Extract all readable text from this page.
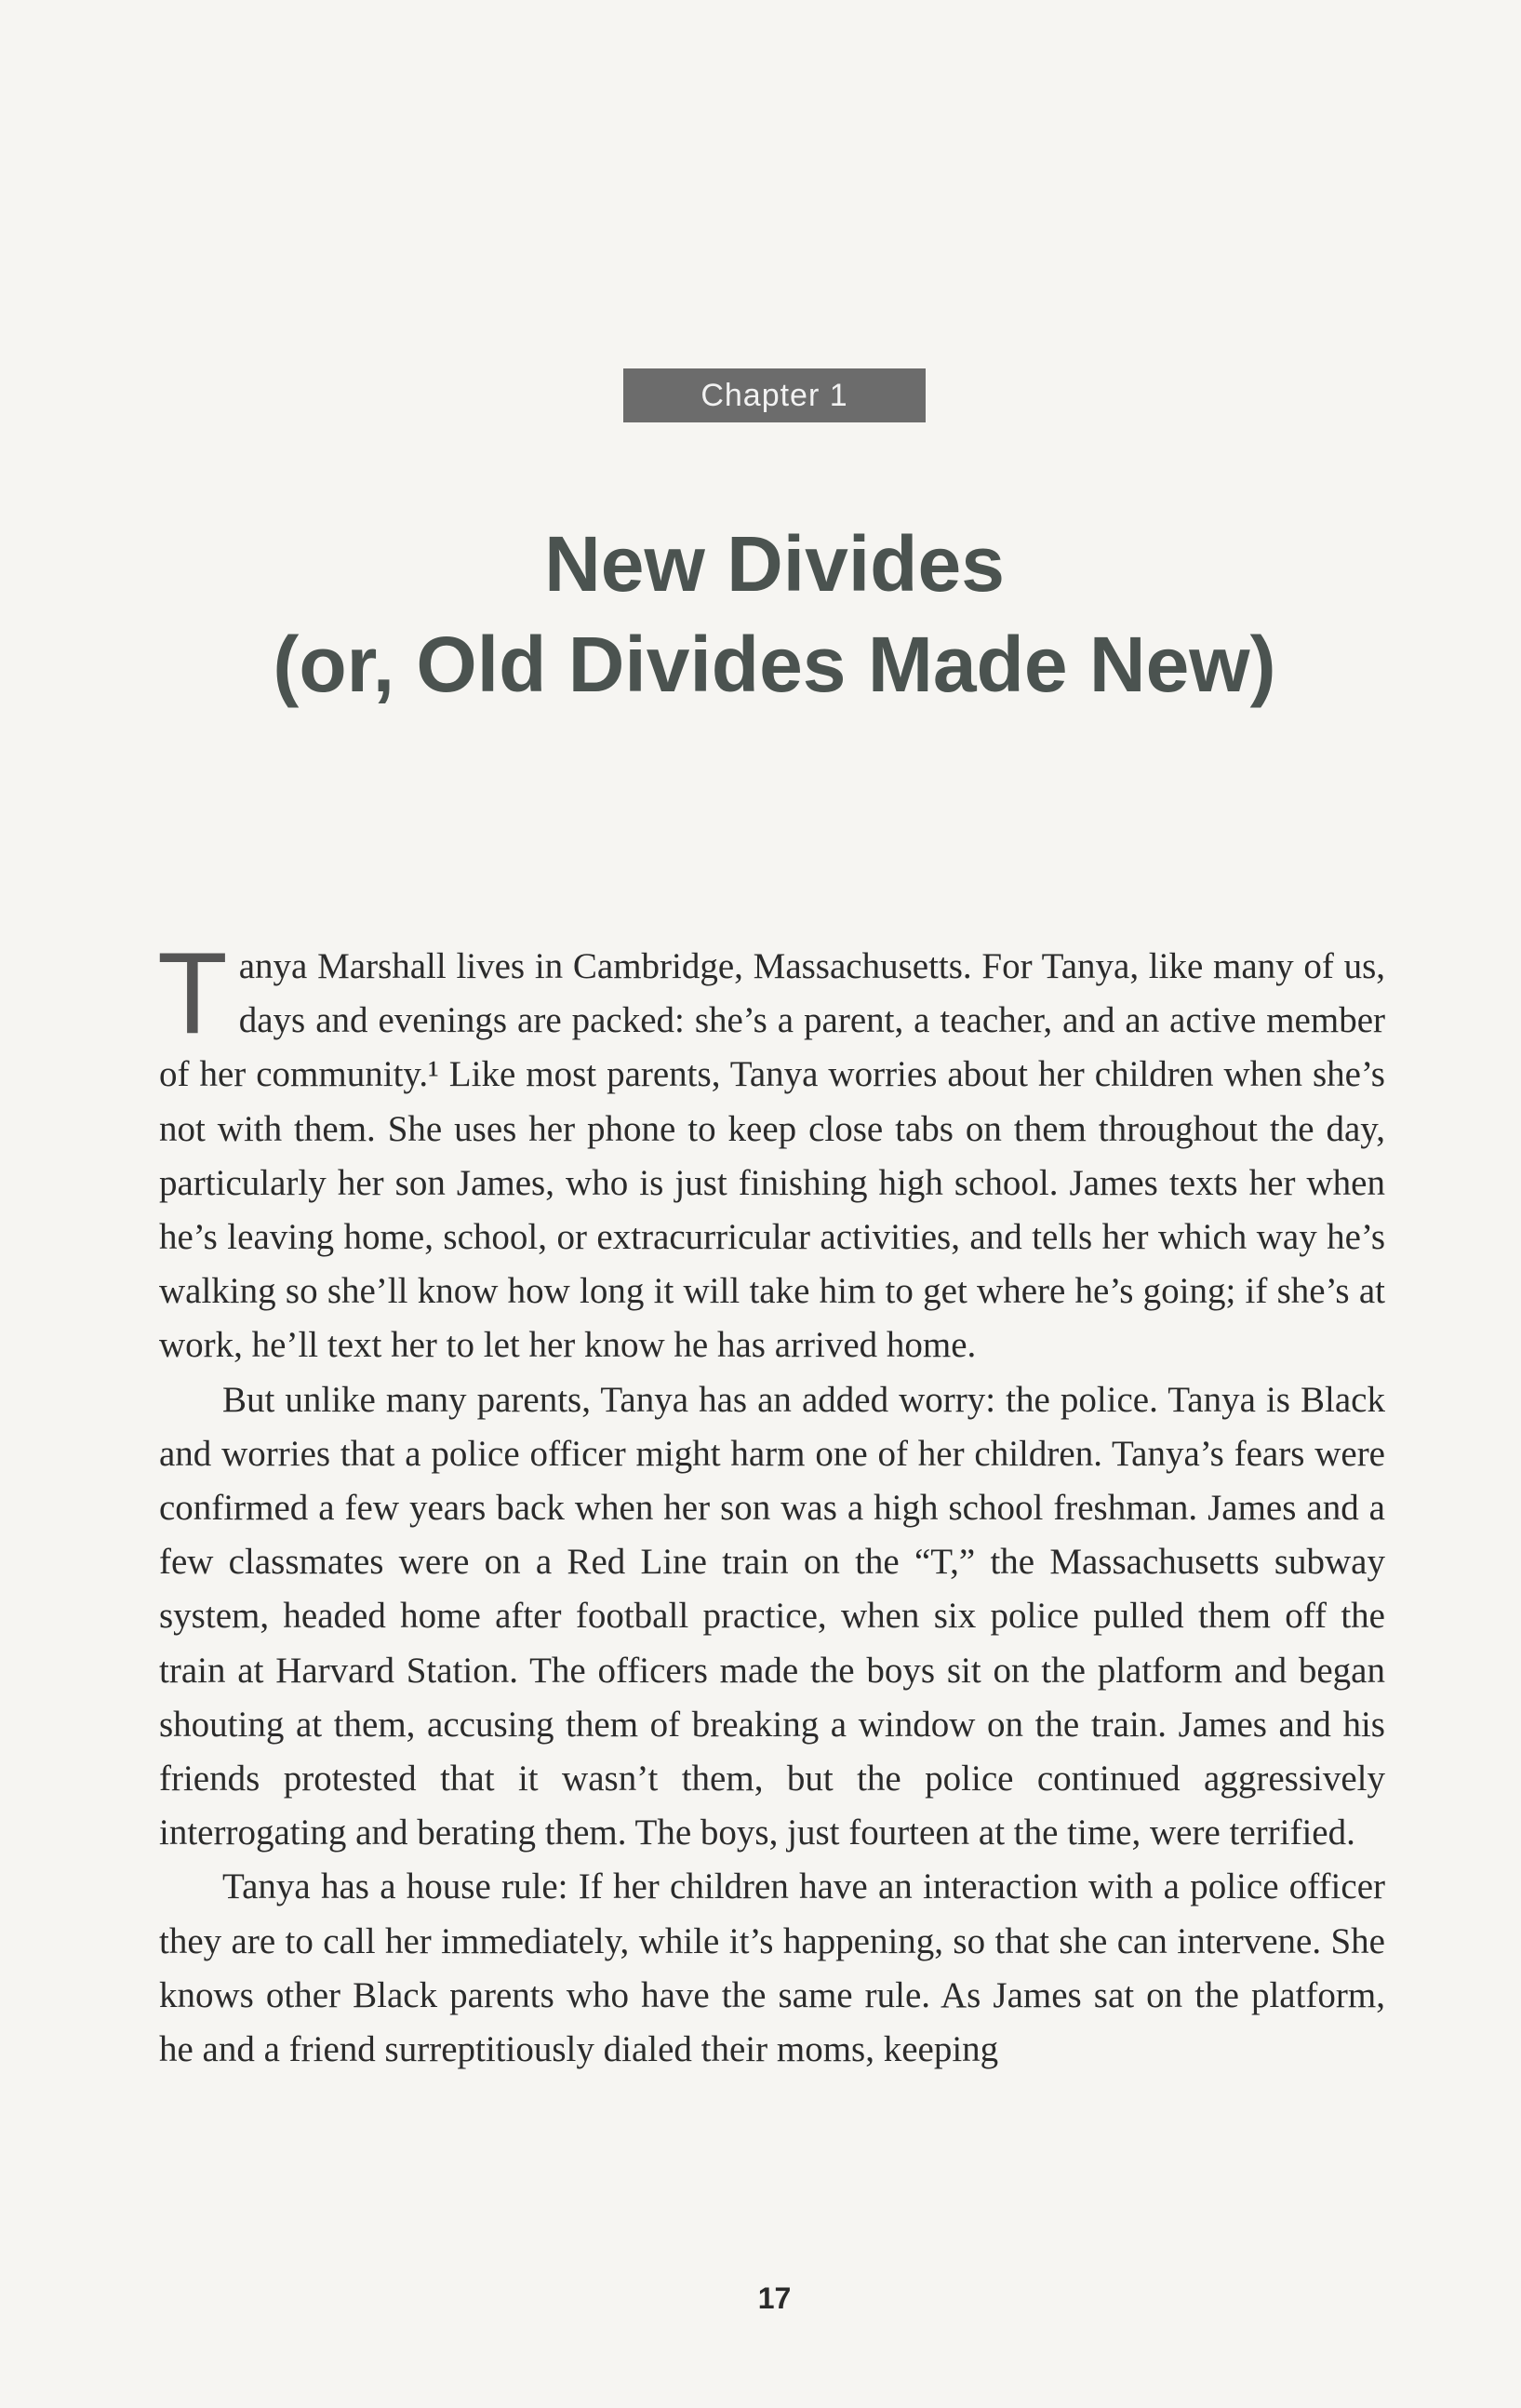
Chapter 1
New Divides
(or, Old Divides Made New)

Tanya Marshall lives in Cambridge, Massachusetts. For Tanya, like many of us, days and evenings are packed: she’s a parent, a teacher, and an active member of her community.¹ Like most parents, Tanya worries about her children when she’s not with them. She uses her phone to keep close tabs on them throughout the day, particularly her son James, who is just finishing high school. James texts her when he’s leaving home, school, or extracurricular activities, and tells her which way he’s walking so she’ll know how long it will take him to get where he’s going; if she’s at work, he’ll text her to let her know he has arrived home.

But unlike many parents, Tanya has an added worry: the police. Tanya is Black and worries that a police officer might harm one of her children. Tanya’s fears were confirmed a few years back when her son was a high school freshman. James and a few classmates were on a Red Line train on the “T,” the Massachusetts subway system, headed home after football practice, when six police pulled them off the train at Harvard Station. The officers made the boys sit on the platform and began shouting at them, accusing them of breaking a window on the train. James and his friends protested that it wasn’t them, but the police continued aggressively interrogating and berating them. The boys, just fourteen at the time, were terrified.

Tanya has a house rule: If her children have an interaction with a police officer they are to call her immediately, while it’s happening, so that she can intervene. She knows other Black parents who have the same rule. As James sat on the platform, he and a friend surreptitiously dialed their moms, keeping

17
